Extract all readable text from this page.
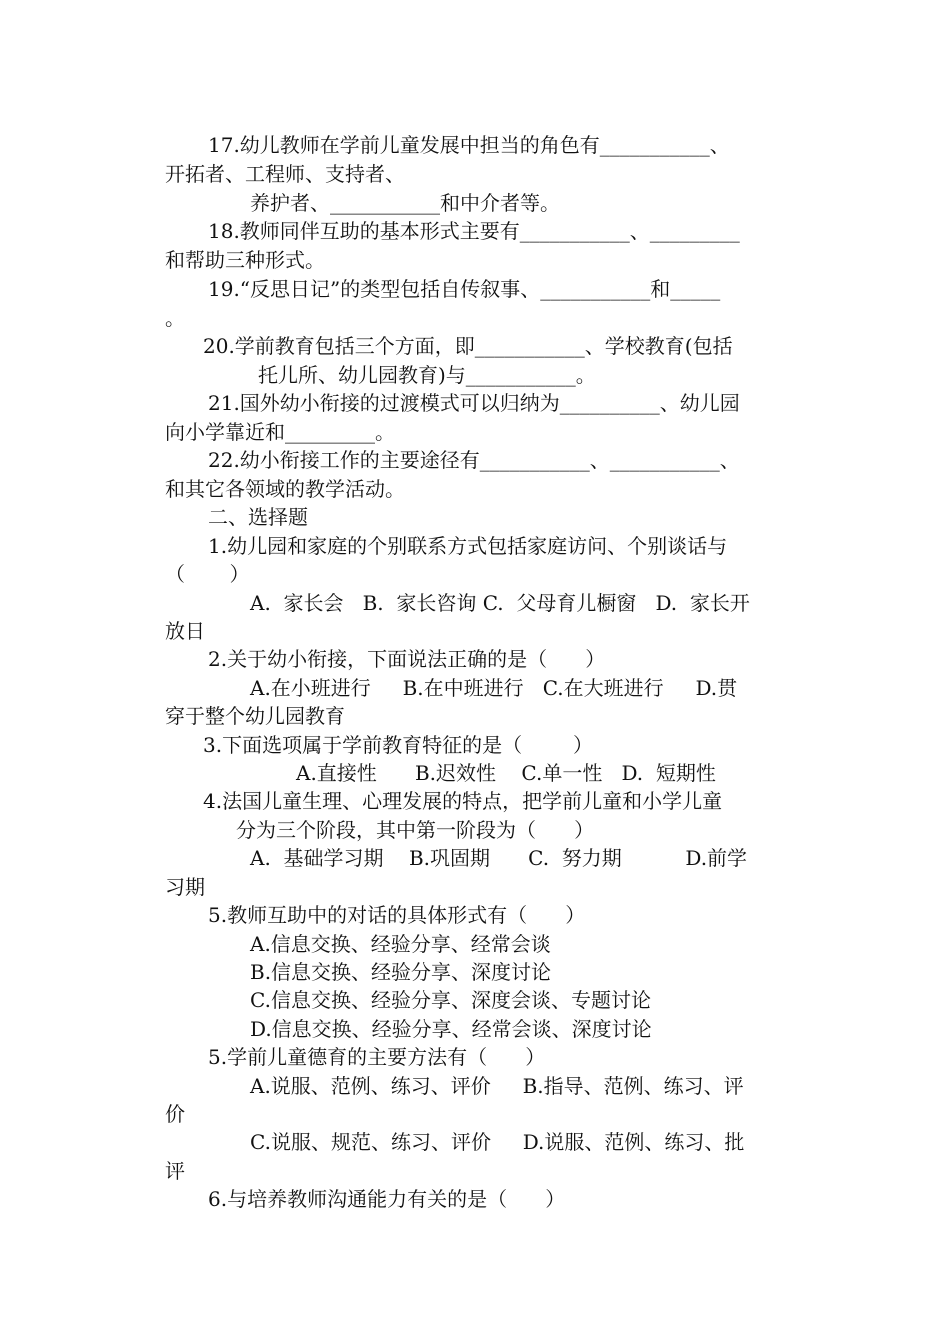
17.幼儿教师在学前儿童发展中担当的角色有___________、
开拓者、工程师、支持者、
养护者、___________和中介者等。
18.教师同伴互助的基本形式主要有___________、_________
和帮助三种形式。
19.“反思日记”的类型包括自传叙事、___________和_____
。
20.学前教育包括三个方面，即___________、学校教育(包括
托儿所、幼儿园教育)与___________。
21.国外幼小衔接的过渡模式可以归纳为__________、幼儿园
向小学靠近和_________。
22.幼小衔接工作的主要途径有___________、___________、
和其它各领域的教学活动。
二、选择题
1.幼儿园和家庭的个别联系方式包括家庭访问、个别谈话与
（       ）
A.  家长会   B.  家长咨询 C.  父母育儿橱窗   D.  家长开
放日
2.关于幼小衔接，下面说法正确的是（      ）
A.在小班进行     B.在中班进行   C.在大班进行     D.贯
穿于整个幼儿园教育
3.下面选项属于学前教育特征的是（        ）
A.直接性      B.迟效性    C.单一性   D.  短期性
4.法国儿童生理、心理发展的特点，把学前儿童和小学儿童
分为三个阶段，其中第一阶段为（      ）
A.  基础学习期    B.巩固期      C.  努力期          D.前学
习期
5.教师互助中的对话的具体形式有（      ）
A.信息交换、经验分享、经常会谈
B.信息交换、经验分享、深度讨论
C.信息交换、经验分享、深度会谈、专题讨论
D.信息交换、经验分享、经常会谈、深度讨论
5.学前儿童德育的主要方法有（      ）
A.说服、范例、练习、评价     B.指导、范例、练习、评
价
C.说服、规范、练习、评价     D.说服、范例、练习、批
评
6.与培养教师沟通能力有关的是（      ）
